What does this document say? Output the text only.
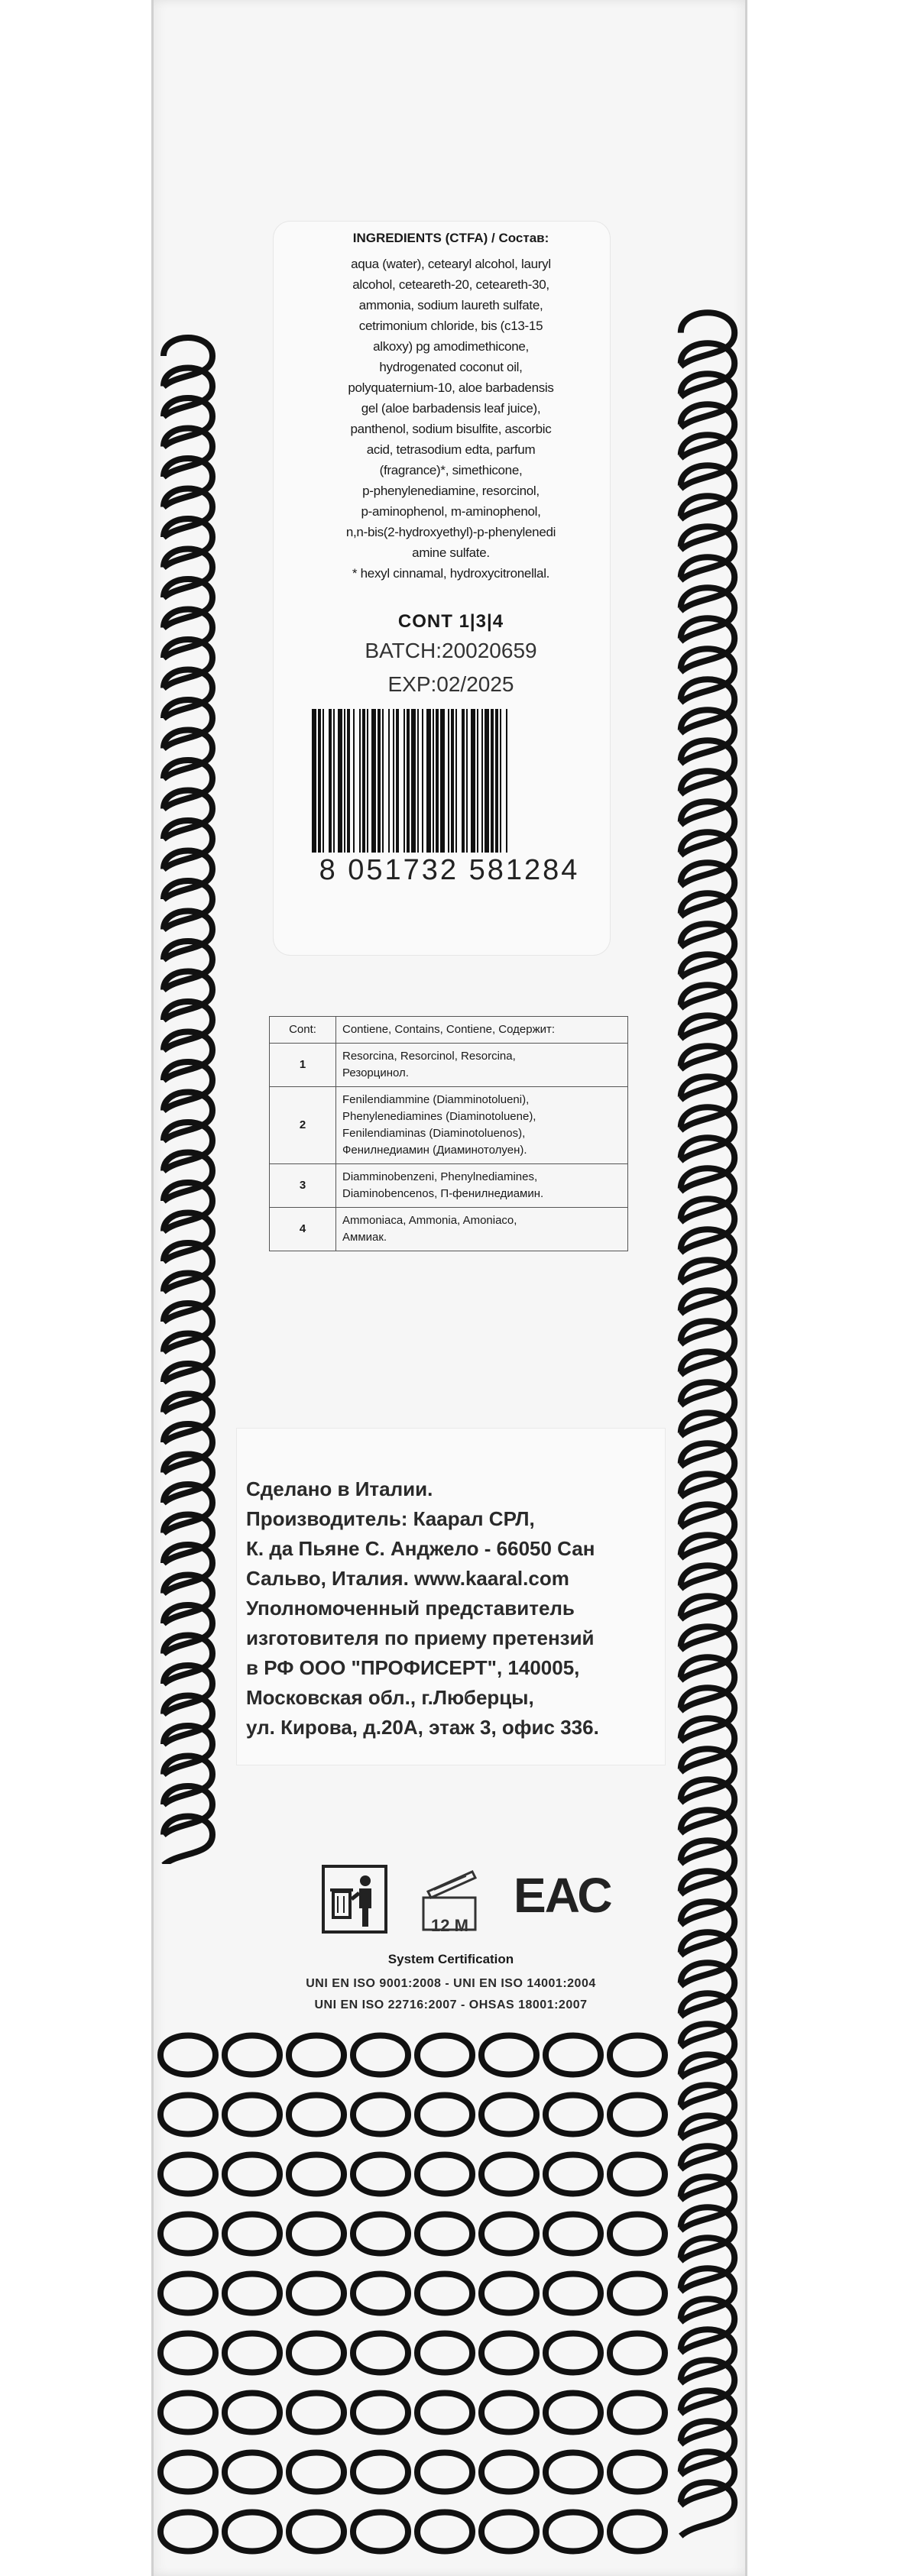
INGREDIENTS (CTFA) / Состав:
aqua (water), cetearyl alcohol, lauryl
alcohol, ceteareth-20, ceteareth-30,
ammonia, sodium laureth sulfate,
cetrimonium chloride, bis (c13-15
alkoxy) pg amodimethicone,
hydrogenated coconut oil,
polyquaternium-10, aloe barbadensis
gel (aloe barbadensis leaf juice),
panthenol, sodium bisulfite, ascorbic
acid, tetrasodium edta, parfum
(fragrance)*, simethicone,
p-phenylenediamine, resorcinol,
p-aminophenol, m-aminophenol,
n,n-bis(2-hydroxyethyl)-p-phenylenedi
amine sulfate.
* hexyl cinnamal, hydroxycitronellal.
CONT 1|3|4
BATCH:20020659
EXP:02/2025
8 051732 581284
Cont:	Contiene, Contains, Contiene, Содержит:
1	Resorcina, Resorcinol, Resorcina,
Резорцинол.

2	Fenilendiammine (Diamminotolueni),
Phenylenediamines (Diaminotoluene),
Fenilendiaminas (Diaminotoluenos),
Фенилнедиамин (Диаминотолуен).

3	Diamminobenzeni, Phenylnediamines,
Diaminobencenos, П-фенилнедиамин.

4	Ammoniaca, Ammonia, Amoniaco,
Аммиак.
Сделано в Италии.
Производитель: Каарал СРЛ,
К. да Пьяне С. Анджело - 66050 Сан
Сальво, Италия. www.kaaral.com
Уполномоченный представитель
изготовителя по приему претензий
в РФ ООО "ПРОФИСЕРТ", 140005,
Московская обл., г.Люберцы,
ул. Кирова, д.20А, этаж 3, офис 336.
12 M
ЕАС
System Certification
UNI EN ISO 9001:2008 - UNI EN ISO 14001:2004
UNI EN ISO 22716:2007 - OHSAS 18001:2007
